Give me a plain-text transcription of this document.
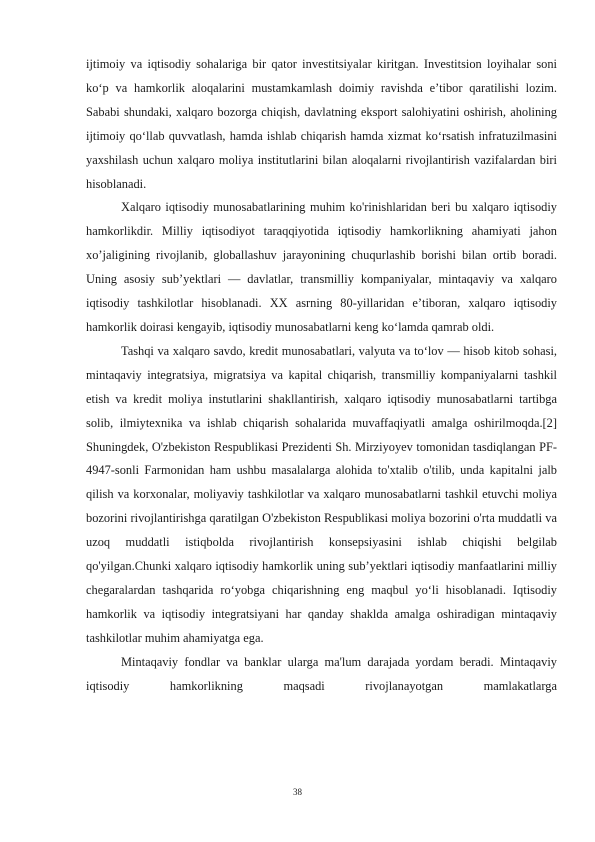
ijtimoiy va iqtisodiy sohalariga bir qator investitsiyalar kiritgan. Investitsion loyihalar soni ko‘p va hamkorlik aloqalarini mustamkamlash doimiy ravishda e’tibor qaratilishi lozim. Sababi shundaki, xalqaro bozorga chiqish, davlatning eksport salohiyatini oshirish, aholining ijtimoiy qo‘llab quvvatlash, hamda ishlab chiqarish hamda xizmat ko‘rsatish infratuzilmasini yaxshilash uchun xalqaro moliya institutlarini bilan aloqalarni rivojlantirish vazifalardan biri hisoblanadi.

Xalqaro iqtisodiy munosabatlarining muhim ko'rinishlaridan beri bu xalqaro iqtisodiy hamkorlikdir. Milliy iqtisodiyot taraqqiyotida iqtisodiy hamkorlikning ahamiyati jahon xo’jaligining rivojlanib, globallashuv jarayonining chuqurlashib borishi bilan ortib boradi. Uning asosiy subʼyektlari — davlatlar, transmilliy kompaniyalar, mintaqaviy va xalqaro iqtisodiy tashkilotlar hisoblanadi. XX asrning 80-yillaridan eʼtiboran, xalqaro iqtisodiy hamkorlik doirasi kengayib, iqtisodiy munosabatlarni keng koʻlamda qamrab oldi.

Tashqi va xalqaro savdo, kredit munosabatlari, valyuta va toʻlov — hisob kitob sohasi, mintaqaviy integratsiya, migratsiya va kapital chiqarish, transmilliy kompaniyalarni tashkil etish va kredit moliya instutlarini shakllantirish, xalqaro iqtisodiy munosabatlarni tartibga solib, ilmiytexnika va ishlab chiqarish sohalarida muvaffaqiyatli amalga oshirilmoqda.[2] Shuningdek, O'zbekiston Respublikasi Prezidenti Sh. Mirziyoyev tomonidan tasdiqlangan PF-4947-sonli Farmonidan ham ushbu masalalarga alohida to'xtalib o'tilib, unda kapitalni jalb qilish va korxonalar, moliyaviy tashkilotlar va xalqaro munosabatlarni tashkil etuvchi moliya bozorini rivojlantirishga qaratilgan O'zbekiston Respublikasi moliya bozorini o'rta muddatli va uzoq muddatli istiqbolda rivojlantirish konsepsiyasini ishlab chiqishi belgilab qo'yilgan.Chunki xalqaro iqtisodiy hamkorlik uning subʼyektlari iqtisodiy manfaatlarini milliy chegaralardan tashqarida roʻyobga chiqarishning eng maqbul yoʻli hisoblanadi. Iqtisodiy hamkorlik va iqtisodiy integratsiyani har qanday shaklda amalga oshiradigan mintaqaviy tashkilotlar muhim ahamiyatga ega.

Mintaqaviy fondlar va banklar ularga ma'lum darajada yordam beradi. Mintaqaviy iqtisodiy hamkorlikning maqsadi rivojlanayotgan mamlakatlarga

38
